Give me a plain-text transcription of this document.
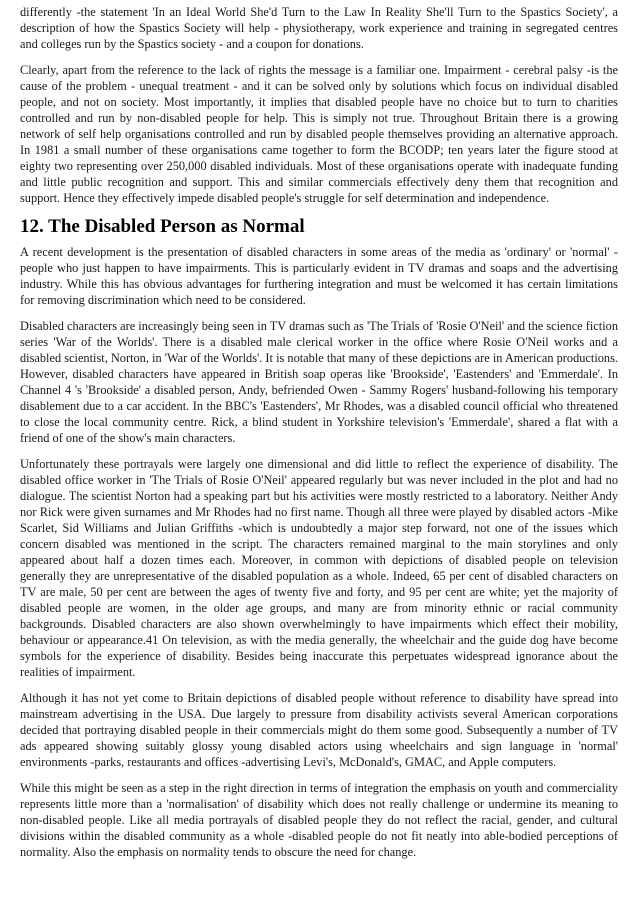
differently -the statement 'In an Ideal World She'd Turn to the Law In Reality She'll Turn to the Spastics Society', a description of how the Spastics Society will help - physiotherapy, work experience and training in segregated centres and colleges run by the Spastics society - and a coupon for donations.

Clearly, apart from the reference to the lack of rights the message is a familiar one. Impairment - cerebral palsy -is the cause of the problem - unequal treatment - and it can be solved only by solutions which focus on individual disabled people, and not on society. Most importantly, it implies that disabled people have no choice but to turn to charities controlled and run by non-disabled people for help. This is simply not true. Throughout Britain there is a growing network of self help organisations controlled and run by disabled people themselves providing an alternative approach. In 1981 a small number of these organisations came together to form the BCODP; ten years later the figure stood at eighty two representing over 250,000 disabled individuals. Most of these organisations operate with inadequate funding and little public recognition and support. This and similar commercials effectively deny them that recognition and support. Hence they effectively impede disabled people's struggle for self determination and independence.

12. The Disabled Person as Normal

A recent development is the presentation of disabled characters in some areas of the media as 'ordinary' or 'normal' - people who just happen to have impairments. This is particularly evident in TV dramas and soaps and the advertising industry. While this has obvious advantages for furthering integration and must be welcomed it has certain limitations for removing discrimination which need to be considered.

Disabled characters are increasingly being seen in TV dramas such as 'The Trials of 'Rosie O'Neil' and the science fiction series 'War of the Worlds'. There is a disabled male clerical worker in the office where Rosie O'Neil works and a disabled scientist, Norton, in 'War of the Worlds'. It is notable that many of these depictions are in American productions. However, disabled characters have appeared in British soap operas like 'Brookside', 'Eastenders' and 'Emmerdale'. In Channel 4 's 'Brookside' a disabled person, Andy, befriended Owen - Sammy Rogers' husband-following his temporary disablement due to a car accident. In the BBC's 'Eastenders', Mr Rhodes, was a disabled council official who threatened to close the local community centre. Rick, a blind student in Yorkshire television's 'Emmerdale', shared a flat with a friend of one of the show's main characters.

Unfortunately these portrayals were largely one dimensional and did little to reflect the experience of disability. The disabled office worker in 'The Trials of Rosie O'Neil' appeared regularly but was never included in the plot and had no dialogue. The scientist Norton had a speaking part but his activities were mostly restricted to a laboratory. Neither Andy nor Rick were given surnames and Mr Rhodes had no first name. Though all three were played by disabled actors -Mike Scarlet, Sid Williams and Julian Griffiths -which is undoubtedly a major step forward, not one of the issues which concern disabled was mentioned in the script. The characters remained marginal to the main storylines and only appeared about half a dozen times each. Moreover, in common with depictions of disabled people on television generally they are unrepresentative of the disabled population as a whole. Indeed, 65 per cent of disabled characters on TV are male, 50 per cent are between the ages of twenty five and forty, and 95 per cent are white; yet the majority of disabled people are women, in the older age groups, and many are from minority ethnic or racial community backgrounds. Disabled characters are also shown overwhelmingly to have impairments which effect their mobility, behaviour or appearance.41 On television, as with the media generally, the wheelchair and the guide dog have become symbols for the experience of disability. Besides being inaccurate this perpetuates widespread ignorance about the realities of impairment.

Although it has not yet come to Britain depictions of disabled people without reference to disability have spread into mainstream advertising in the USA. Due largely to pressure from disability activists several American corporations decided that portraying disabled people in their commercials might do them some good. Subsequently a number of TV ads appeared showing suitably glossy young disabled actors using wheelchairs and sign language in 'normal' environments -parks, restaurants and offices -advertising Levi's, McDonald's, GMAC, and Apple computers.

While this might be seen as a step in the right direction in terms of integration the emphasis on youth and commerciality represents little more than a 'normalisation' of disability which does not really challenge or undermine its meaning to non-disabled people. Like all media portrayals of disabled people they do not reflect the racial, gender, and cultural divisions within the disabled community as a whole -disabled people do not fit neatly into able-bodied perceptions of normality. Also the emphasis on normality tends to obscure the need for change.
